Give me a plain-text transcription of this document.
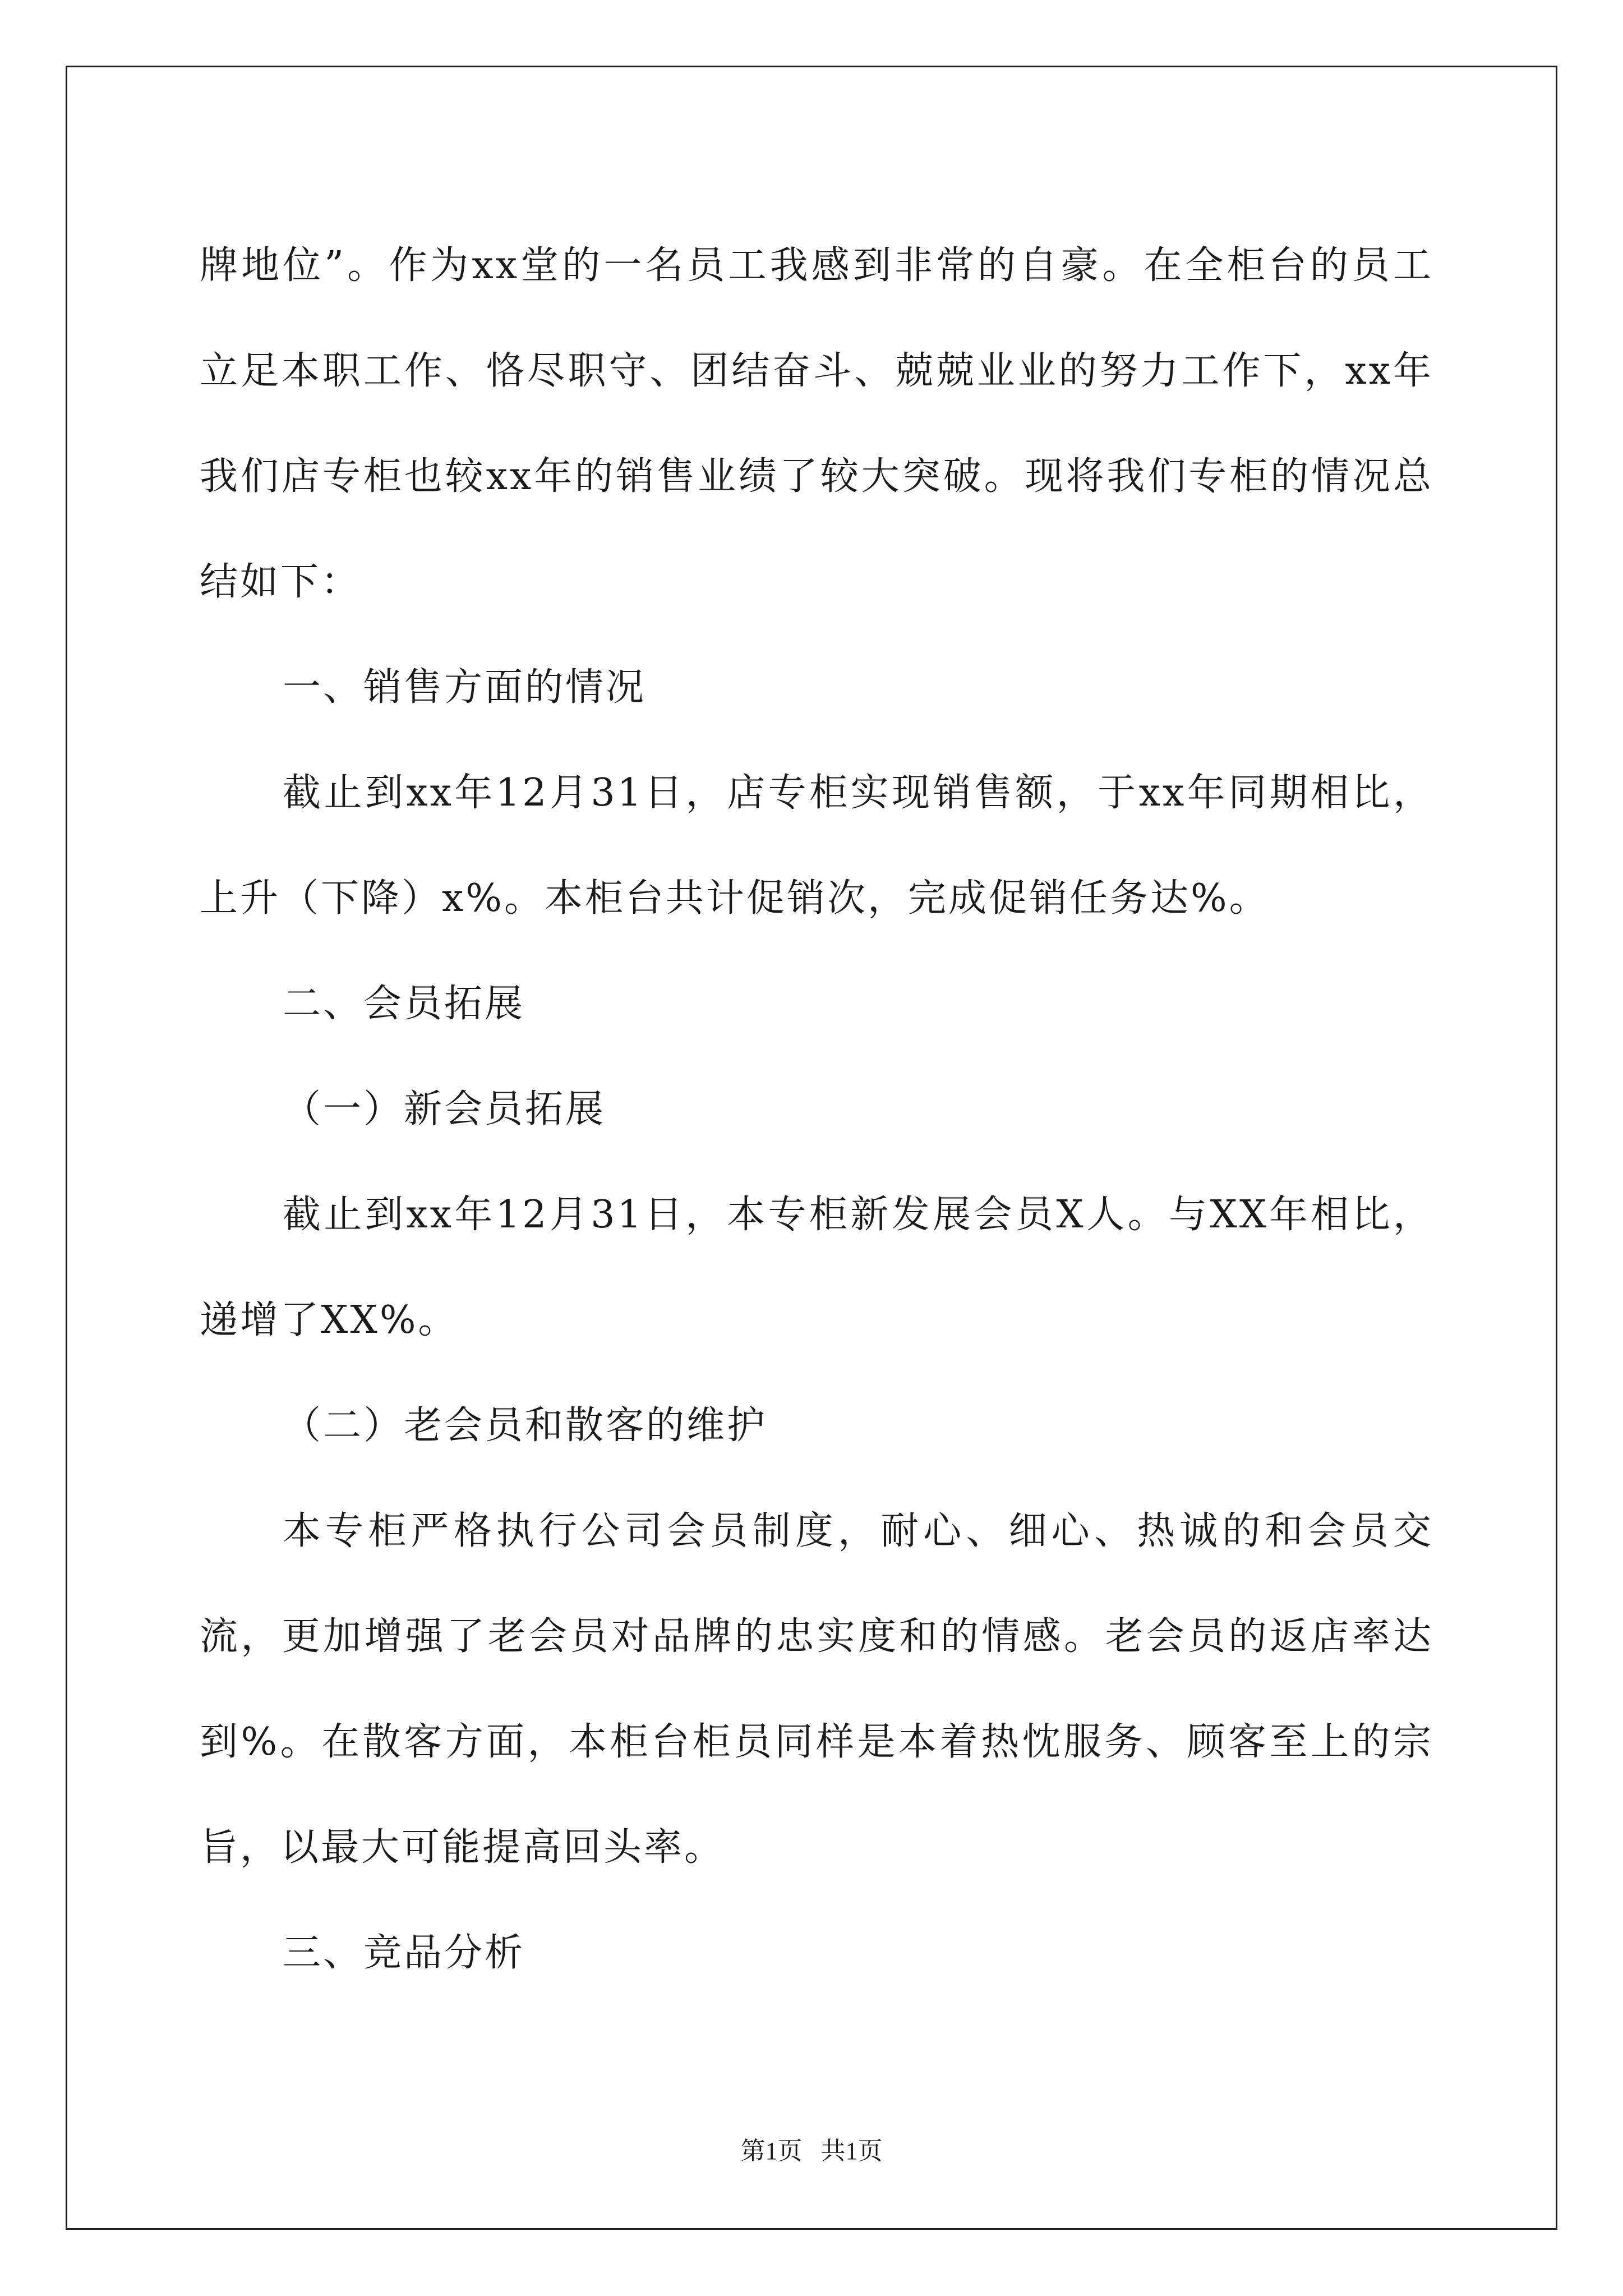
牌地位”。作为xx堂的一名员工我感到非常的自豪。在全柜台的员工立足本职工作、恪尽职守、团结奋斗、兢兢业业的努力工作下，xx年我们店专柜也较xx年的销售业绩了较大突破。现将我们专柜的情况总结如下：

一、销售方面的情况

截止到xx年12月31日，店专柜实现销售额，于xx年同期相比，上升（下降）x%。本柜台共计促销次，完成促销任务达%。

二、会员拓展

（一）新会员拓展

截止到xx年12月31日，本专柜新发展会员X人。与XX年相比，递增了XX%。

（二）老会员和散客的维护

本专柜严格执行公司会员制度，耐心、细心、热诚的和会员交流，更加增强了老会员对品牌的忠实度和的情感。老会员的返店率达到%。在散客方面，本柜台柜员同样是本着热忱服务、顾客至上的宗旨，以最大可能提高回头率。

三、竞品分析

第1页 共1页
